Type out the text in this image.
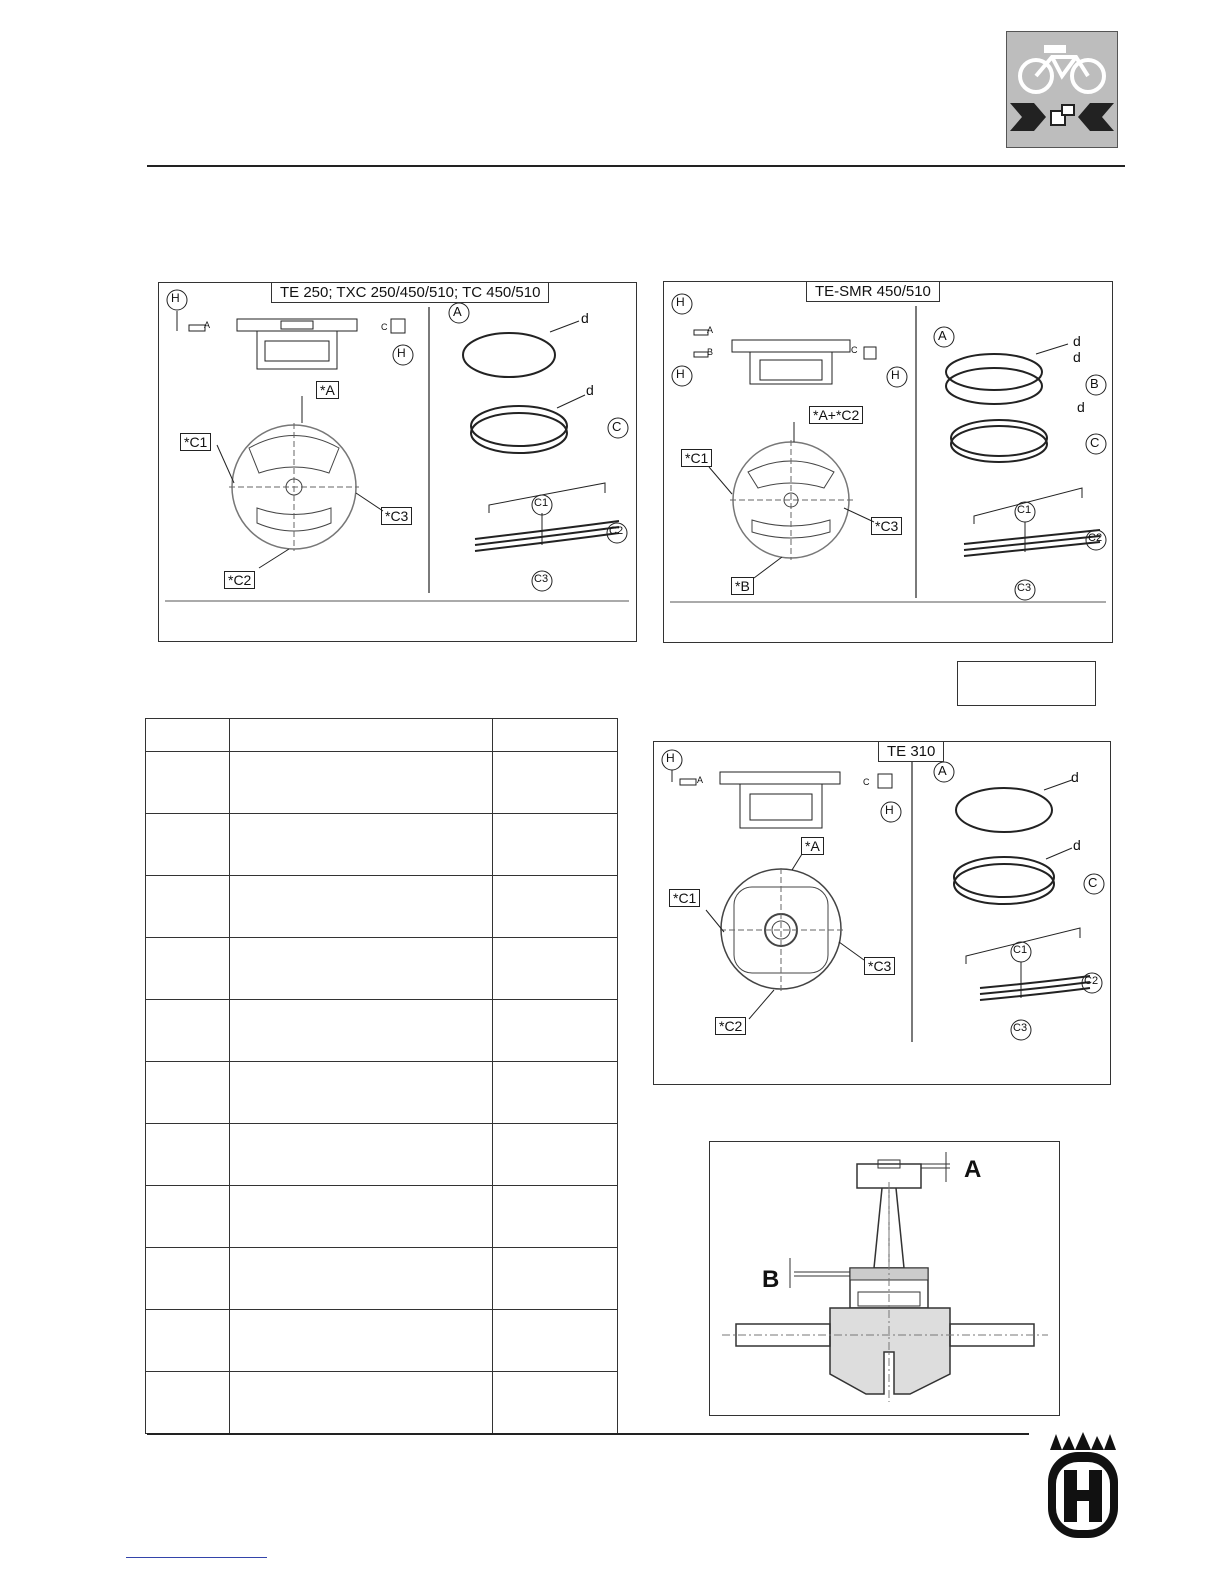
TE 250; TXC 250/450/510; TC 450/510	TE-SMR 450/510

TE 310
A
B
H
H
A	C
*A
*C1
*C3
*C2
A	d
d
C
C1
C2
C3
H
H	H
A
B	C
*A+*C2
*C1
*C3
*B
A	d
d
B
d
C
C1
C2
C3
H
H
A	C
*A
*C1
*C3
*C2
A	d
d
C
C1
C2
C3
